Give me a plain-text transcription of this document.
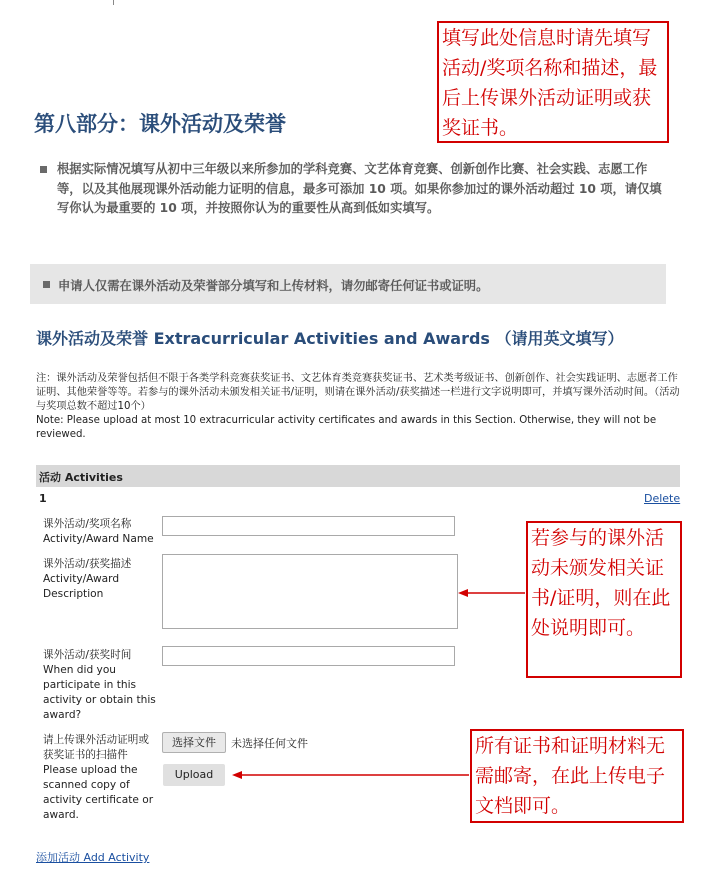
第八部分：课外活动及荣誉
根据实际情况填写从初中三年级以来所参加的学科竞赛、文艺体育竞赛、创新创作比赛、社会实践、志愿工作等，以及其他展现课外活动能力证明的信息，最多可添加 10 项。如果你参加过的课外活动超过 10 项，请仅填写你认为最重要的 10 项，并按照你认为的重要性从高到低如实填写。
申请人仅需在课外活动及荣誉部分填写和上传材料，请勿邮寄任何证书或证明。
课外活动及荣誉 Extracurricular Activities and Awards （请用英文填写）
注：课外活动及荣誉包括但不限于各类学科竞赛获奖证书、文艺体育类竞赛获奖证书、艺术类考级证书、创新创作、社会实践证明、志愿者工作证明、其他荣誉等等。若参与的课外活动未颁发相关证书/证明，则请在课外活动/获奖描述一栏进行文字说明即可，并填写课外活动时间。（活动与奖项总数不超过10个）
Note: Please upload at most 10 extracurricular activity certificates and awards in this Section. Otherwise, they will not be reviewed.
活动 Activities
1	Delete
课外活动/奖项名称 Activity/Award Name
课外活动/获奖描述 Activity/Award Description
课外活动/获奖时间 When did you participate in this activity or obtain this award?
请上传课外活动证明或获奖证书的扫描件 Please upload the scanned copy of activity certificate or award.
选择文件	未选择任何文件
Upload
添加活动 Add Activity
填写此处信息时请先填写活动/奖项名称和描述，最后上传课外活动证明或获奖证书。
若参与的课外活动未颁发相关证书/证明，则在此处说明即可。
所有证书和证明材料无需邮寄，在此上传电子文档即可。
